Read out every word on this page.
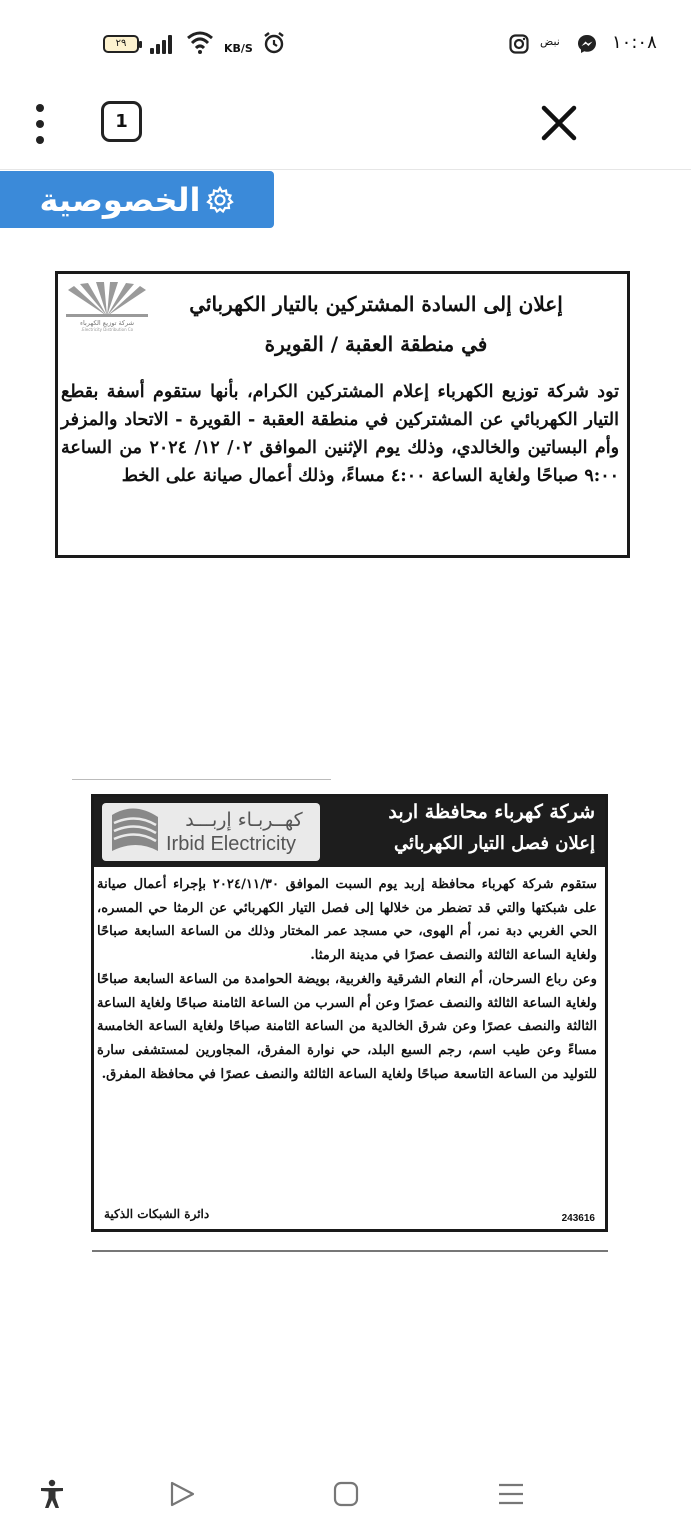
٢٩	KB/S
نبض	١٠:٠٨
1
الخصوصية
شركة توزيع الكهرباء
Electricity Distribution Co.
إعلان إلى السادة المشتركين بالتيار الكهربائي
في منطقة العقبة / القويرة
تود شركة توزيع الكهرباء إعلام المشتركين الكرام، بأنها ستقوم أسفة بقطع التيار الكهربائي عن المشتركين في منطقة العقبة - القويرة - الاتحاد والمزفر وأم البساتين والخالدي، وذلك يوم الإثنين الموافق ٠٢/ ١٢/ ٢٠٢٤ من الساعة ٩:٠٠ صباحًا ولغاية الساعة ٤:٠٠ مساءً، وذلك أعمال صيانة على الخط
كهــربـاء إربـــد
Irbid Electricity
شركة كهرباء محافظة اربد
إعلان فصل التيار الكهربائي

ستقوم شركة كهرباء محافظة إربد يوم السبت الموافق ٢٠٢٤/١١/٣٠ بإجراء أعمال صيانة على شبكتها والتي قد تضطر من خلالها إلى فصل التيار الكهربائي عن الرمثا حي المسره، الحي الغربي دبة نمر، أم الهوى، حي مسجد عمر المختار وذلك من الساعة السابعة صباحًا ولغاية الساعة الثالثة والنصف عصرًا في مدينة الرمثا.

وعن رباع السرحان، أم النعام الشرقية والغربية، بويضة الحوامدة من الساعة السابعة صباحًا ولغاية الساعة الثالثة والنصف عصرًا وعن أم السرب من الساعة الثامنة صباحًا ولغاية الساعة الثالثة والنصف عصرًا وعن شرق الخالدية من الساعة الثامنة صباحًا ولغاية الساعة الخامسة مساءً وعن طيب اسم، رجم السبع البلد، حي نوارة المفرق، المجاورين لمستشفى سارة للتوليد من الساعة التاسعة صباحًا ولغاية الساعة الثالثة والنصف عصرًا في محافظة المفرق.

دائرة الشبكات الذكية	243616
